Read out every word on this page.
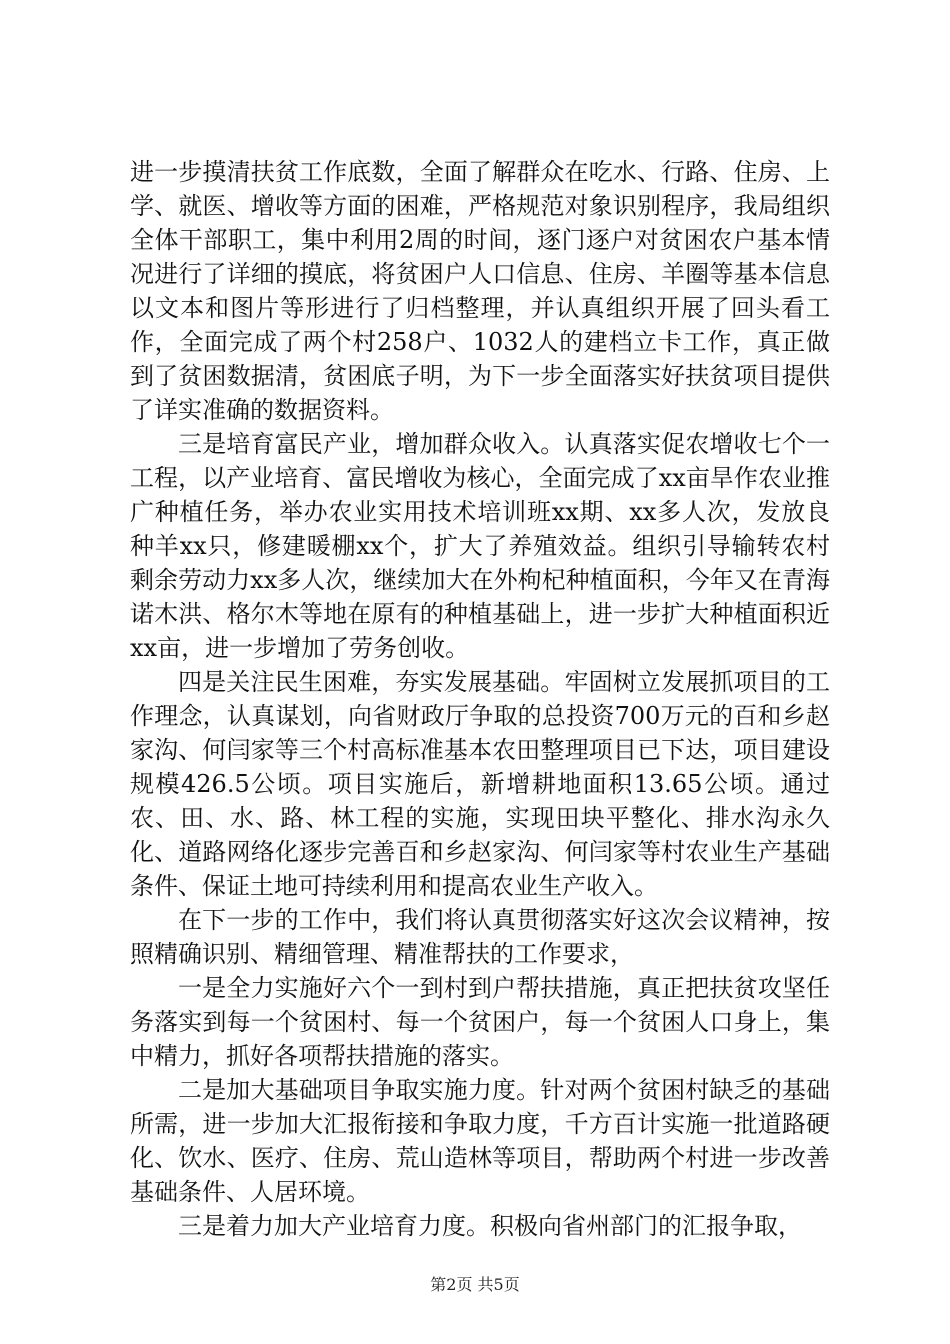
进一步摸清扶贫工作底数，全面了解群众在吃水、行路、住房、上学、就医、增收等方面的困难，严格规范对象识别程序，我局组织全体干部职工，集中利用2周的时间，逐门逐户对贫困农户基本情况进行了详细的摸底，将贫困户人口信息、住房、羊圈等基本信息以文本和图片等形进行了归档整理，并认真组织开展了回头看工作，全面完成了两个村258户、1032人的建档立卡工作，真正做到了贫困数据清，贫困底子明，为下一步全面落实好扶贫项目提供了详实准确的数据资料。

三是培育富民产业，增加群众收入。认真落实促农增收七个一工程，以产业培育、富民增收为核心，全面完成了xx亩旱作农业推广种植任务，举办农业实用技术培训班xx期、xx多人次，发放良种羊xx只，修建暖棚xx个，扩大了养殖效益。组织引导输转农村剩余劳动力xx多人次，继续加大在外枸杞种植面积，今年又在青海诺木洪、格尔木等地在原有的种植基础上，进一步扩大种植面积近xx亩，进一步增加了劳务创收。

四是关注民生困难，夯实发展基础。牢固树立发展抓项目的工作理念，认真谋划，向省财政厅争取的总投资700万元的百和乡赵家沟、何闫家等三个村高标准基本农田整理项目已下达，项目建设规模426.5公顷。项目实施后，新增耕地面积13.65公顷。通过农、田、水、路、林工程的实施，实现田块平整化、排水沟永久化、道路网络化逐步完善百和乡赵家沟、何闫家等村农业生产基础条件、保证土地可持续利用和提高农业生产收入。

在下一步的工作中，我们将认真贯彻落实好这次会议精神，按照精确识别、精细管理、精准帮扶的工作要求，

一是全力实施好六个一到村到户帮扶措施，真正把扶贫攻坚任务落实到每一个贫困村、每一个贫困户，每一个贫困人口身上，集中精力，抓好各项帮扶措施的落实。

二是加大基础项目争取实施力度。针对两个贫困村缺乏的基础所需，进一步加大汇报衔接和争取力度，千方百计实施一批道路硬化、饮水、医疗、住房、荒山造林等项目，帮助两个村进一步改善基础条件、人居环境。

三是着力加大产业培育力度。积极向省州部门的汇报争取，

第2页 共5页
